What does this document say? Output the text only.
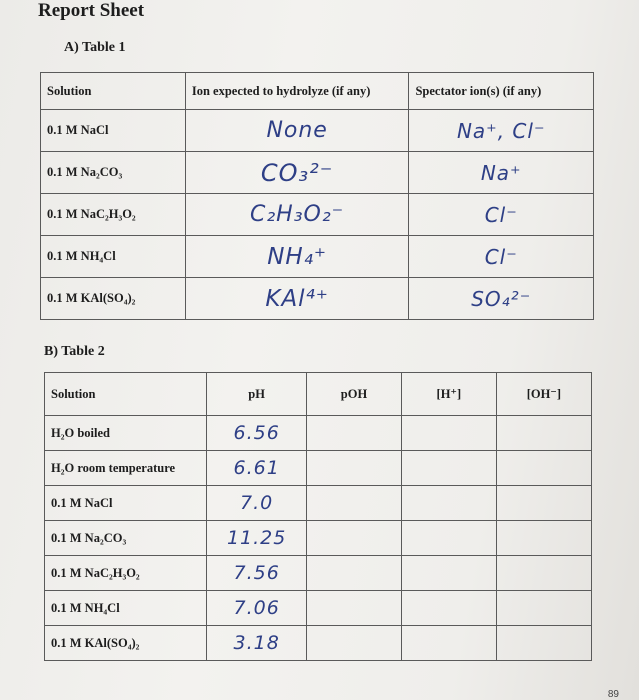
Report Sheet
A) Table 1
Solution	Ion expected to hydrolyze (if any)	Spectator ion(s) (if any)
0.1 M NaCl	None	Na⁺, Cl⁻
0.1 M Na₂CO₃	CO₃²⁻	Na⁺
0.1 M NaC₂H₃O₂	C₂H₃O₂⁻	Cl⁻
0.1 M NH₄Cl	NH₄⁺	Cl⁻
0.1 M KAl(SO₄)₂	KAl⁴⁺	SO₄²⁻
B) Table 2
Solution	pH	pOH	[H⁺]	[OH⁻]
H₂O boiled	6.56			
H₂O room temperature	6.61			
0.1 M NaCl	7.0			
0.1 M Na₂CO₃	11.25			
0.1 M NaC₂H₃O₂	7.56			
0.1 M NH₄Cl	7.06			
0.1 M KAl(SO₄)₂	3.18			
89
